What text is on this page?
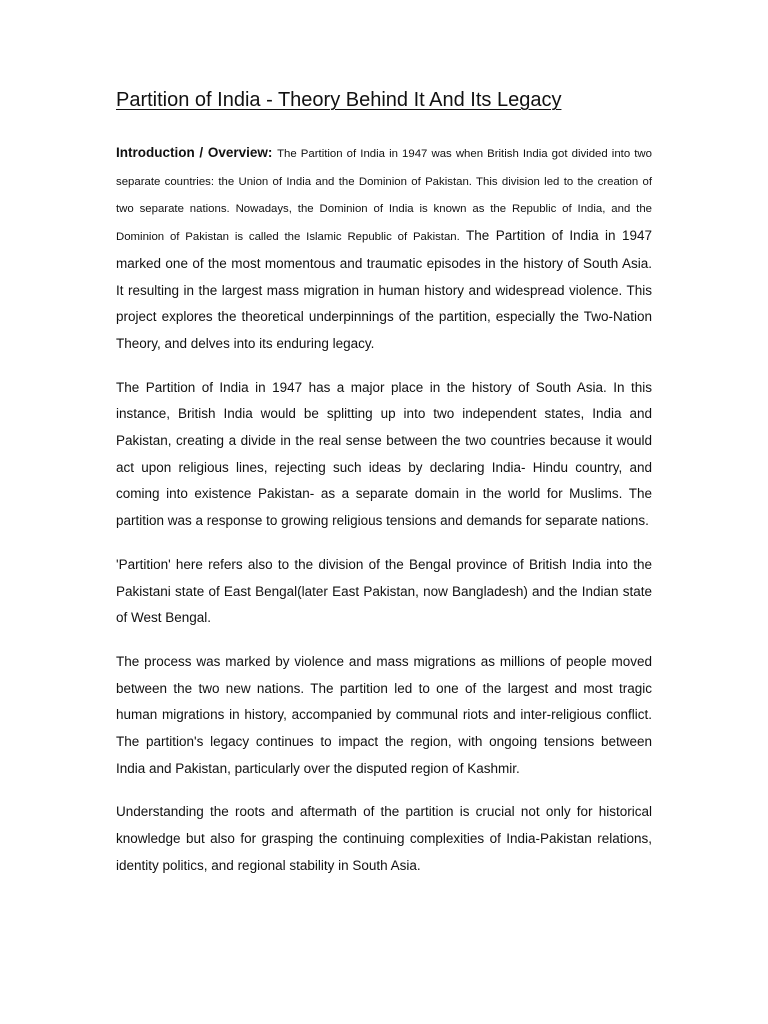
Partition of India - Theory Behind It And Its Legacy

Introduction / Overview: The Partition of India in 1947 was when British India got divided into two separate countries: the Union of India and the Dominion of Pakistan. This division led to the creation of two separate nations. Nowadays, the Dominion of India is known as the Republic of India, and the Dominion of Pakistan is called the Islamic Republic of Pakistan. The Partition of India in 1947 marked one of the most momentous and traumatic episodes in the history of South Asia. It resulting in the largest mass migration in human history and widespread violence. This project explores the theoretical underpinnings of the partition, especially the Two-Nation Theory, and delves into its enduring legacy.

The Partition of India in 1947 has a major place in the history of South Asia. In this instance, British India would be splitting up into two independent states, India and Pakistan, creating a divide in the real sense between the two countries because it would act upon religious lines, rejecting such ideas by declaring India- Hindu country, and coming into existence Pakistan- as a separate domain in the world for Muslims. The partition was a response to growing religious tensions and demands for separate nations.

'Partition' here refers also to the division of the Bengal province of British India into the Pakistani state of East Bengal(later East Pakistan, now Bangladesh) and the Indian state of West Bengal.

The process was marked by violence and mass migrations as millions of people moved between the two new nations. The partition led to one of the largest and most tragic human migrations in history, accompanied by communal riots and inter-religious conflict. The partition's legacy continues to impact the region, with ongoing tensions between India and Pakistan, particularly over the disputed region of Kashmir.

Understanding the roots and aftermath of the partition is crucial not only for historical knowledge but also for grasping the continuing complexities of India-Pakistan relations, identity politics, and regional stability in South Asia.
